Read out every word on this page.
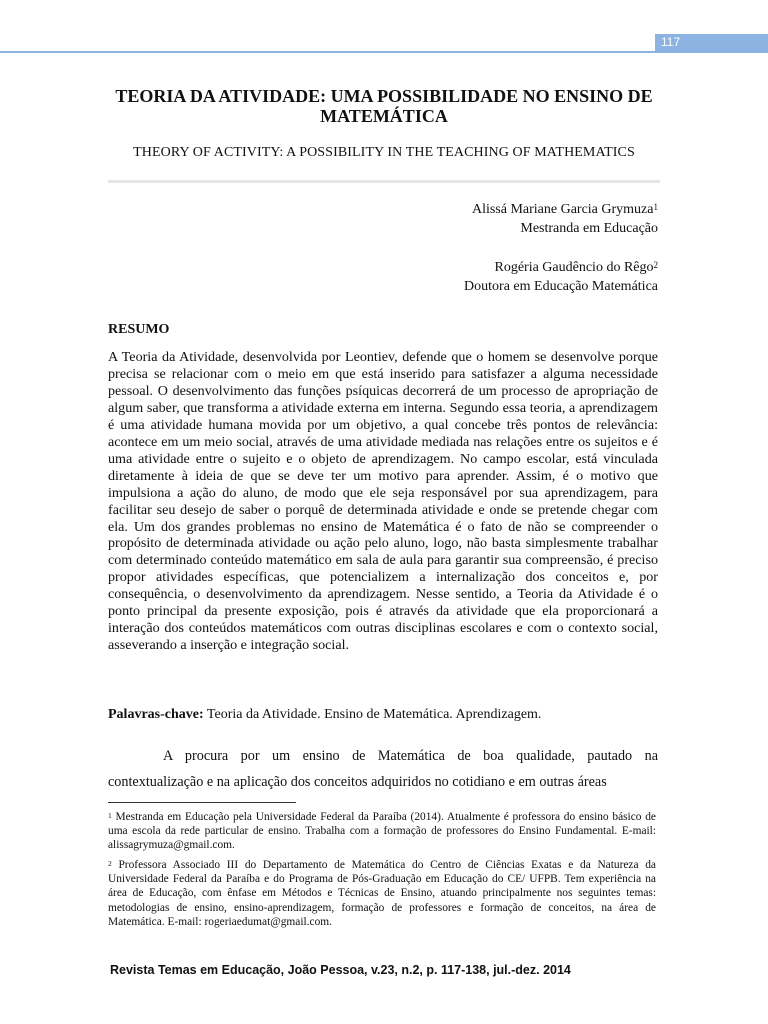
117
TEORIA DA ATIVIDADE: UMA POSSIBILIDADE NO ENSINO DE MATEMÁTICA
THEORY OF ACTIVITY: A POSSIBILITY IN THE TEACHING OF MATHEMATICS
Alissá Mariane Garcia Grymuza$^1$
Mestranda em Educação
Rogéria Gaudêncio do Rêgo$^2$
Doutora em Educação Matemática
RESUMO

A Teoria da Atividade, desenvolvida por Leontiev, defende que o homem se desenvolve porque precisa se relacionar com o meio em que está inserido para satisfazer a alguma necessidade pessoal. O desenvolvimento das funções psíquicas decorrerá de um processo de apropriação de algum saber, que transforma a atividade externa em interna. Segundo essa teoria, a aprendizagem é uma atividade humana movida por um objetivo, a qual concebe três pontos de relevância: acontece em um meio social, através de uma atividade mediada nas relações entre os sujeitos e é uma atividade entre o sujeito e o objeto de aprendizagem. No campo escolar, está vinculada diretamente à ideia de que se deve ter um motivo para aprender. Assim, é o motivo que impulsiona a ação do aluno, de modo que ele seja responsável por sua aprendizagem, para facilitar seu desejo de saber o porquê de determinada atividade e onde se pretende chegar com ela. Um dos grandes problemas no ensino de Matemática é o fato de não se compreender o propósito de determinada atividade ou ação pelo aluno, logo, não basta simplesmente trabalhar com determinado conteúdo matemático em sala de aula para garantir sua compreensão, é preciso propor atividades específicas, que potencializem a internalização dos conceitos e, por consequência, o desenvolvimento da aprendizagem. Nesse sentido, a Teoria da Atividade é o ponto principal da presente exposição, pois é através da atividade que ela proporcionará a interação dos conteúdos matemáticos com outras disciplinas escolares e com o contexto social, asseverando a inserção e integração social.

Palavras-chave: Teoria da Atividade. Ensino de Matemática. Aprendizagem.

A procura por um ensino de Matemática de boa qualidade, pautado na contextualização e na aplicação dos conceitos adquiridos no cotidiano e em outras áreas

$^1$ Mestranda em Educação pela Universidade Federal da Paraíba (2014). Atualmente é professora do ensino básico de uma escola da rede particular de ensino. Trabalha com a formação de professores do Ensino Fundamental. E-mail: alissagrymuza@gmail.com.

$^2$ Professora Associado III do Departamento de Matemática do Centro de Ciências Exatas e da Natureza da Universidade Federal da Paraíba e do Programa de Pós-Graduação em Educação do CE/ UFPB. Tem experiência na área de Educação, com ênfase em Métodos e Técnicas de Ensino, atuando principalmente nos seguintes temas: metodologias de ensino, ensino-aprendizagem, formação de professores e formação de conceitos, na área de Matemática. E-mail: rogeriaedumat@gmail.com.

Revista Temas em Educação, João Pessoa, v.23, n.2, p. 117-138, jul.-dez. 2014
